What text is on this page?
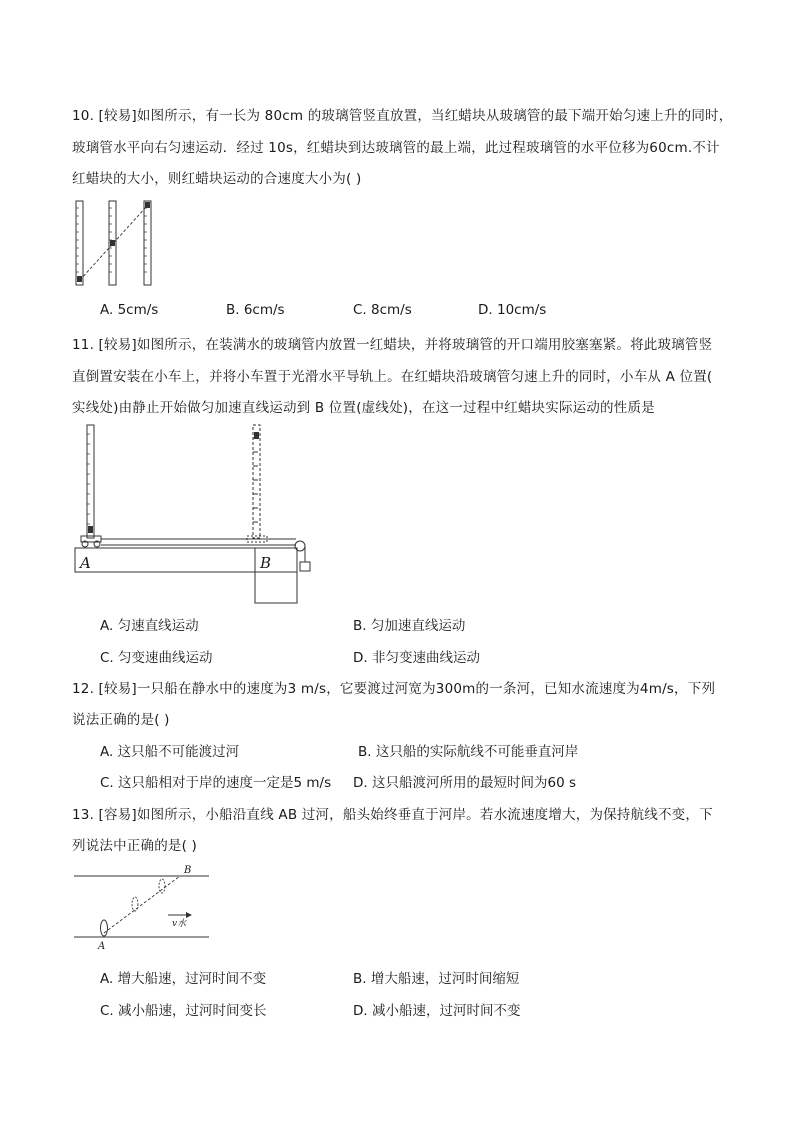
10. [较易]如图所示，有一长为 80cm 的玻璃管竖直放置，当红蜡块从玻璃管的最下端开始匀速上升的同时，
玻璃管水平向右匀速运动．经过 10s，红蜡块到达玻璃管的最上端，此过程玻璃管的水平位移为60cm.不计
红蜡块的大小，则红蜡块运动的合速度大小为( )
A. 5cm/s	B. 6cm/s	C. 8cm/s	D. 10cm/s
11. [较易]如图所示，在装满水的玻璃管内放置一红蜡块，并将玻璃管的开口端用胶塞塞紧。将此玻璃管竖
直倒置安装在小车上，并将小车置于光滑水平导轨上。在红蜡块沿玻璃管匀速上升的同时，小车从 A 位置(
实线处)由静止开始做匀加速直线运动到 B 位置(虚线处)，在这一过程中红蜡块实际运动的性质是
A	B
A. 匀速直线运动	B. 匀加速直线运动
C. 匀变速曲线运动	D. 非匀变速曲线运动
12. [较易]一只船在静水中的速度为3 m/s，它要渡过河宽为300m的一条河，已知水流速度为4m/s，下列
说法正确的是( )
A. 这只船不可能渡过河	B. 这只船的实际航线不可能垂直河岸
C. 这只船相对于岸的速度一定是5 m/s D. 这只船渡河所用的最短时间为60 s
13. [容易]如图所示，小船沿直线 AB 过河，船头始终垂直于河岸。若水流速度增大，为保持航线不变，下
列说法中正确的是( )
A
B
v水
A. 增大船速，过河时间不变	B. 增大船速，过河时间缩短
C. 减小船速，过河时间变长	D. 减小船速，过河时间不变
